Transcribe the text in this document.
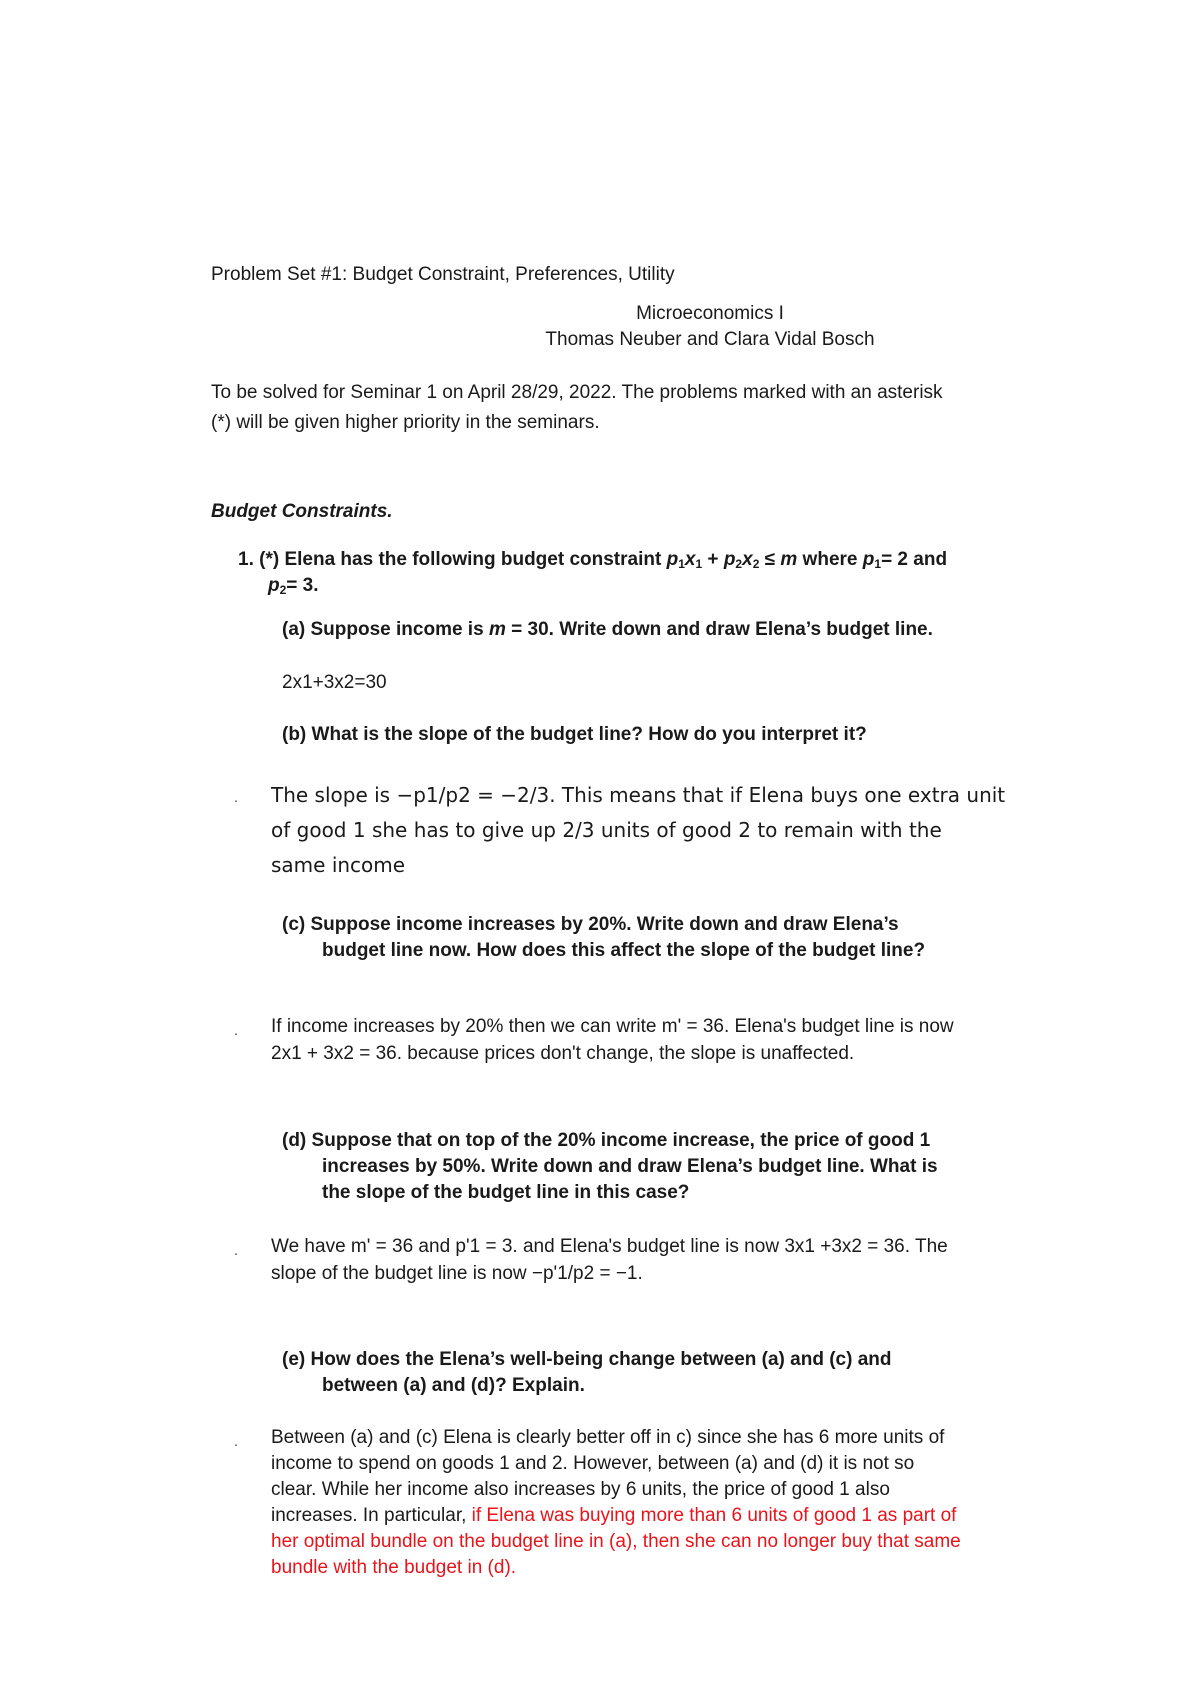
Problem Set #1: Budget Constraint, Preferences, Utility
Microeconomics I
Thomas Neuber and Clara Vidal Bosch
To be solved for Seminar 1 on April 28/29, 2022. The problems marked with an asterisk
(*) will be given higher priority in the seminars.
Budget Constraints.
1. (*) Elena has the following budget constraint $p_1x_1 + p_2x_2 \le m$ where $p_1= 2$ and
$p_2= 3$.
(a) Suppose income is m = 30. Write down and draw Elena’s budget line.
2x1+3x2=30
(b) What is the slope of the budget line? How do you interpret it?
. The slope is −p1/p2 = −2/3. This means that if Elena buys one extra unit
of good 1 she has to give up 2/3 units of good 2 to remain with the
same income
(c) Suppose income increases by 20%. Write down and draw Elena’s
budget line now. How does this affect the slope of the budget line?
. If income increases by 20% then we can write m' = 36. Elena's budget line is now
2x1 + 3x2 = 36. because prices don't change, the slope is unaffected.
(d) Suppose that on top of the 20% income increase, the price of good 1
increases by 50%. Write down and draw Elena’s budget line. What is
the slope of the budget line in this case?
. We have m' = 36 and p'1 = 3. and Elena's budget line is now 3x1 +3x2 = 36. The
slope of the budget line is now −p'1/p2 = −1.
(e) How does the Elena’s well-being change between (a) and (c) and
between (a) and (d)? Explain.
. Between (a) and (c) Elena is clearly better off in c) since she has 6 more units of
income to spend on goods 1 and 2. However, between (a) and (d) it is not so
clear. While her income also increases by 6 units, the price of good 1 also
increases. In particular, if Elena was buying more than 6 units of good 1 as part of
her optimal bundle on the budget line in (a), then she can no longer buy that same
bundle with the budget in (d).
